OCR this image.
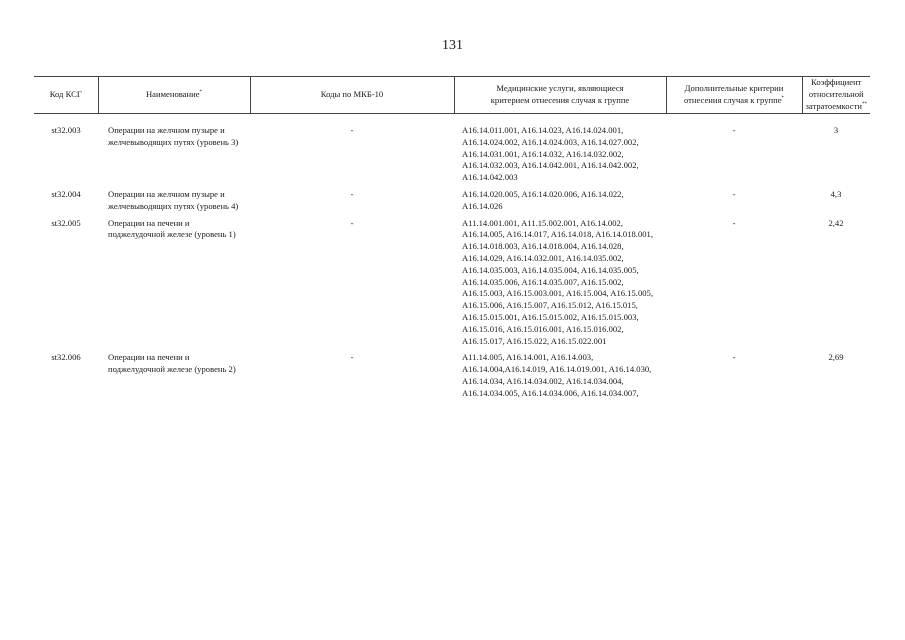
131
Код КСГ	Наименование*	Коды по МКБ-10	Медицинские услуги, являющиеся критерием отнесения случая к группе	Дополнительные критерии отнесения случая к группе*	Коэффициент относительной затратоемкости**

st32.003	Операции на желчном пузыре и желчевыводящих путях (уровень 3)	-	A16.14.011.001, A16.14.023, A16.14.024.001, A16.14.024.002, A16.14.024.003, A16.14.027.002, A16.14.031.001, A16.14.032, A16.14.032.002, A16.14.032.003, A16.14.042.001, A16.14.042.002, A16.14.042.003	-	3
st32.004	Операции на желчном пузыре и желчевыводящих путях (уровень 4)	-	A16.14.020.005, A16.14.020.006, A16.14.022, A16.14.026	-	4,3
st32.005	Операции на печени и поджелудочной железе (уровень 1)	-	A11.14.001.001, A11.15.002.001, A16.14.002, A16.14.005, A16.14.017, A16.14.018, A16.14.018.001, A16.14.018.003, A16.14.018.004, A16.14.028, A16.14.029, A16.14.032.001, A16.14.035.002, A16.14.035.003, A16.14.035.004, A16.14.035.005, A16.14.035.006, A16.14.035.007, A16.15.002, A16.15.003, A16.15.003.001, A16.15.004, A16.15.005, A16.15.006, A16.15.007, A16.15.012, A16.15.015, A16.15.015.001, A16.15.015.002, A16.15.015.003, A16.15.016, A16.15.016.001, A16.15.016.002, A16.15.017, A16.15.022, A16.15.022.001	-	2,42
st32.006	Операции на печени и поджелудочной железе (уровень 2)	-	A11.14.005, A16.14.001, A16.14.003, A16.14.004,A16.14.019, A16.14.019.001, A16.14.030, A16.14.034, A16.14.034.002, A16.14.034.004, A16.14.034.005, A16.14.034.006, A16.14.034.007,	-	2,69
